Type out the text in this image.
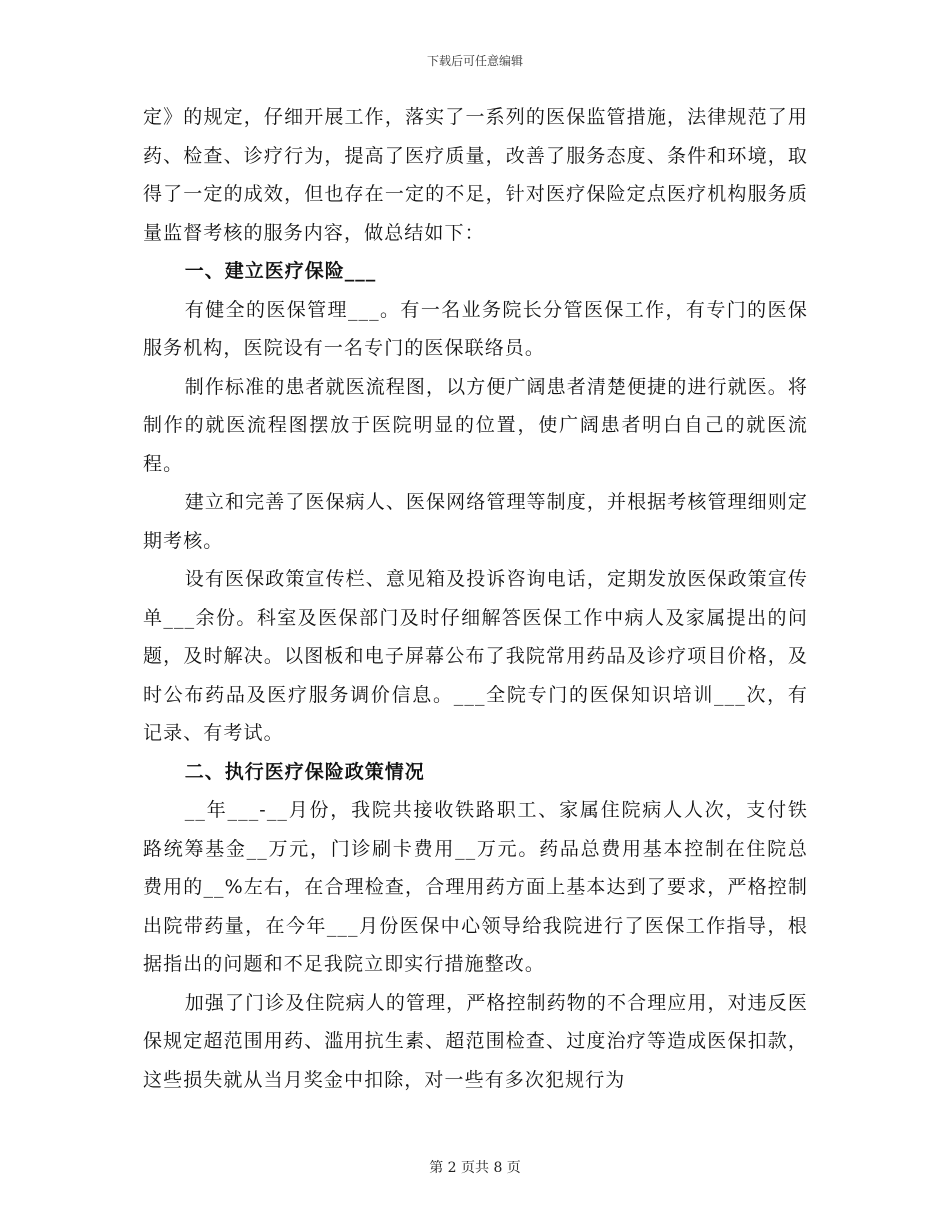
下载后可任意编辑

定》的规定，仔细开展工作，落实了一系列的医保监管措施，法律规范了用药、检查、诊疗行为，提高了医疗质量，改善了服务态度、条件和环境，取得了一定的成效，但也存在一定的不足，针对医疗保险定点医疗机构服务质量监督考核的服务内容，做总结如下：

一、建立医疗保险___

有健全的医保管理___。有一名业务院长分管医保工作，有专门的医保服务机构，医院设有一名专门的医保联络员。

制作标准的患者就医流程图，以方便广阔患者清楚便捷的进行就医。将制作的就医流程图摆放于医院明显的位置，使广阔患者明白自己的就医流程。

建立和完善了医保病人、医保网络管理等制度，并根据考核管理细则定期考核。

设有医保政策宣传栏、意见箱及投诉咨询电话，定期发放医保政策宣传单___余份。科室及医保部门及时仔细解答医保工作中病人及家属提出的问题，及时解决。以图板和电子屏幕公布了我院常用药品及诊疗项目价格，及时公布药品及医疗服务调价信息。___全院专门的医保知识培训___次，有记录、有考试。

二、执行医疗保险政策情况

__年___-__月份，我院共接收铁路职工、家属住院病人人次，支付铁路统筹基金__万元，门诊刷卡费用__万元。药品总费用基本控制在住院总费用的__%左右，在合理检查，合理用药方面上基本达到了要求，严格控制出院带药量，在今年___月份医保中心领导给我院进行了医保工作指导，根据指出的问题和不足我院立即实行措施整改。

加强了门诊及住院病人的管理，严格控制药物的不合理应用，对违反医保规定超范围用药、滥用抗生素、超范围检查、过度治疗等造成医保扣款，这些损失就从当月奖金中扣除，对一些有多次犯规行为

第 2 页共 8 页
